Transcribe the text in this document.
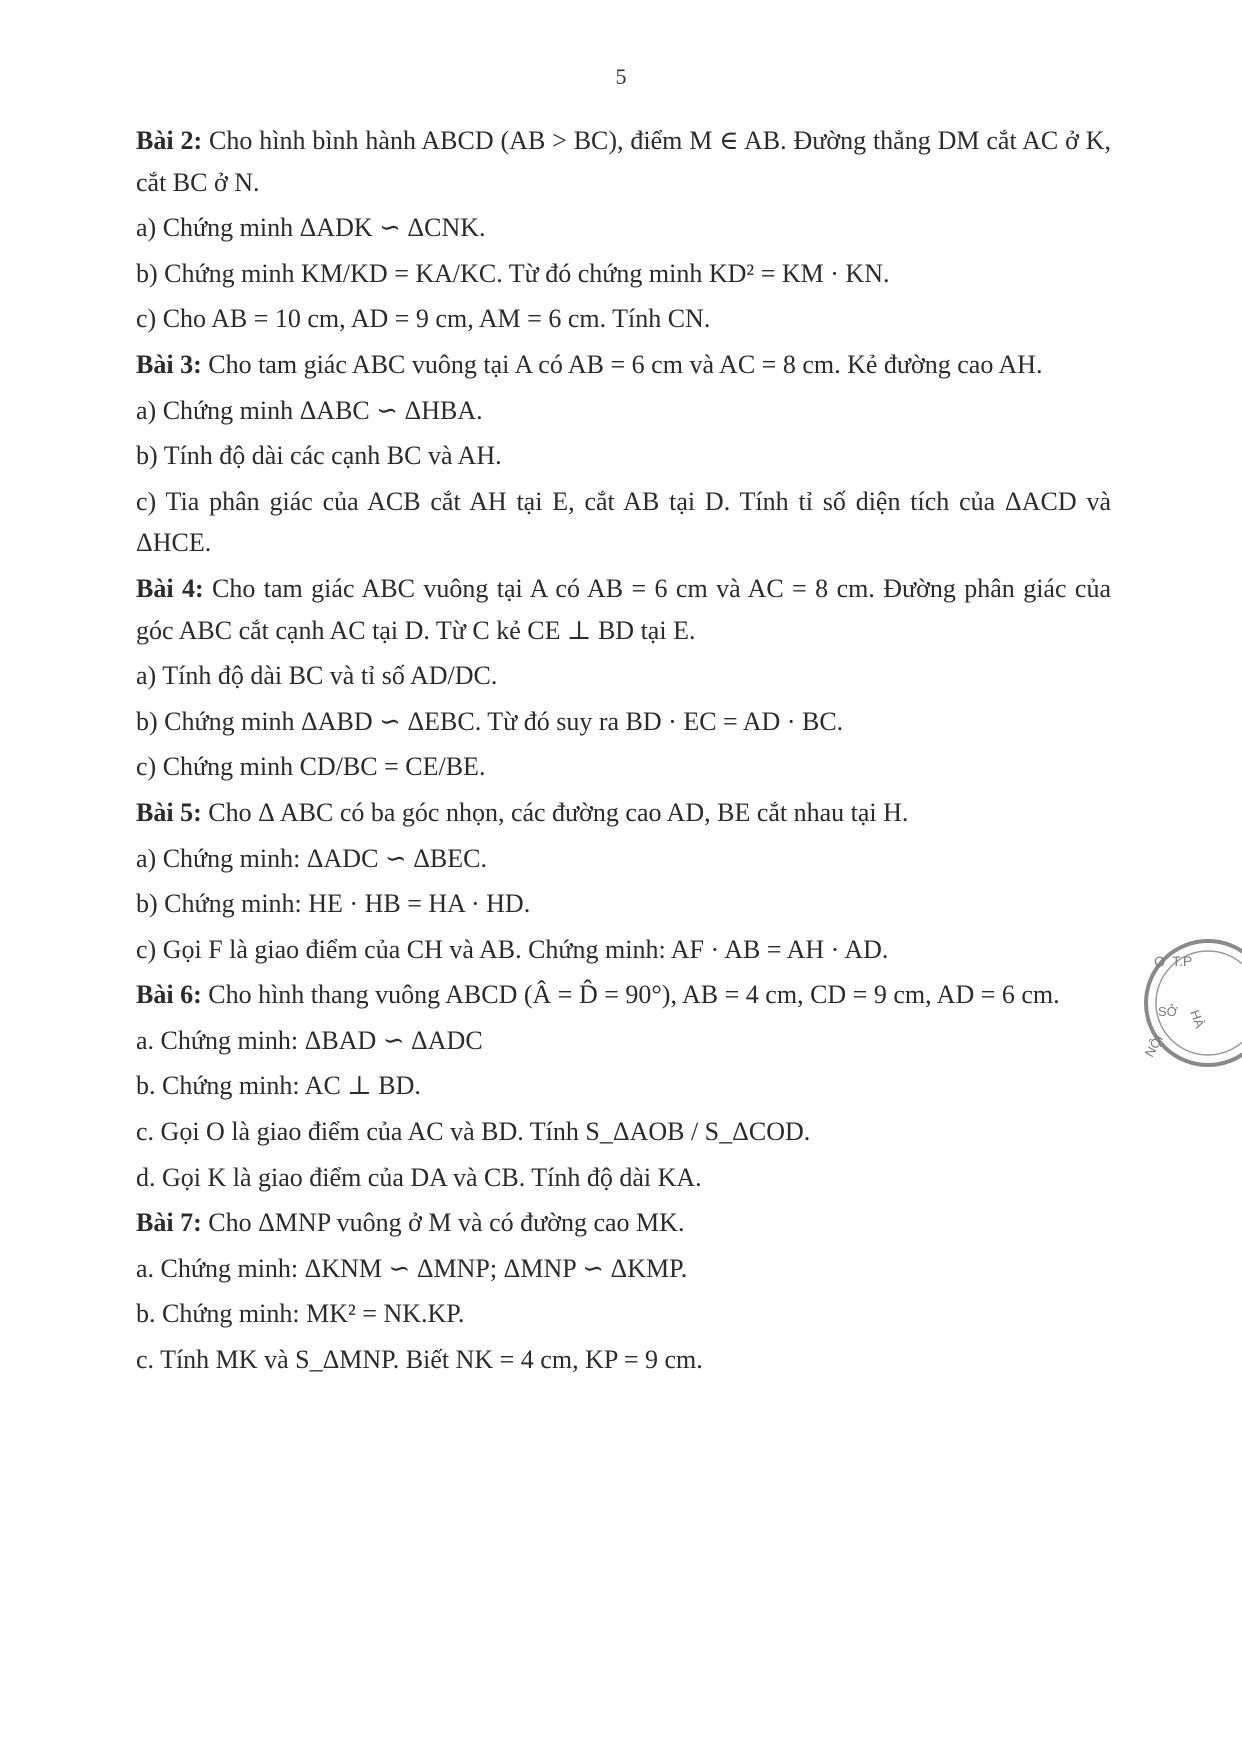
5

Bài 2: Cho hình bình hành ABCD (AB > BC), điểm M ∈ AB. Đường thẳng DM cắt AC ở K, cắt BC ở N.

a) Chứng minh ΔADK ∽ ΔCNK.

b) Chứng minh KM/KD = KA/KC. Từ đó chứng minh KD² = KM · KN.

c) Cho AB = 10 cm, AD = 9 cm, AM = 6 cm. Tính CN.

Bài 3: Cho tam giác ABC vuông tại A có AB = 6 cm và AC = 8 cm. Kẻ đường cao AH.

a) Chứng minh ΔABC ∽ ΔHBA.

b) Tính độ dài các cạnh BC và AH.

c) Tia phân giác của ACB cắt AH tại E, cắt AB tại D. Tính tỉ số diện tích của ΔACD và ΔHCE.

Bài 4: Cho tam giác ABC vuông tại A có AB = 6 cm và AC = 8 cm. Đường phân giác của góc ABC cắt cạnh AC tại D. Từ C kẻ CE ⊥ BD tại E.

a) Tính độ dài BC và tỉ số AD/DC.

b) Chứng minh ΔABD ∽ ΔEBC. Từ đó suy ra BD · EC = AD · BC.

c) Chứng minh CD/BC = CE/BE.

Bài 5: Cho Δ ABC có ba góc nhọn, các đường cao AD, BE cắt nhau tại H.

a) Chứng minh: ΔADC ∽ ΔBEC.

b) Chứng minh: HE · HB = HA · HD.

c) Gọi F là giao điểm của CH và AB. Chứng minh: AF · AB = AH · AD.

Bài 6: Cho hình thang vuông ABCD (Â = D̂ = 90°), AB = 4 cm, CD = 9 cm, AD = 6 cm.

a. Chứng minh: ΔBAD ∽ ΔADC

b. Chứng minh: AC ⊥ BD.

c. Gọi O là giao điểm của AC và BD. Tính S_ΔAOB / S_ΔCOD.

d. Gọi K là giao điểm của DA và CB. Tính độ dài KA.

Bài 7: Cho ΔMNP vuông ở M và có đường cao MK.

a. Chứng minh: ΔKNM ∽ ΔMNP; ΔMNP ∽ ΔKMP.

b. Chứng minh: MK² = NK.KP.

c. Tính MK và S_ΔMNP. Biết NK = 4 cm, KP = 9 cm.

O T.P
SỞ HÀ
NỘI
